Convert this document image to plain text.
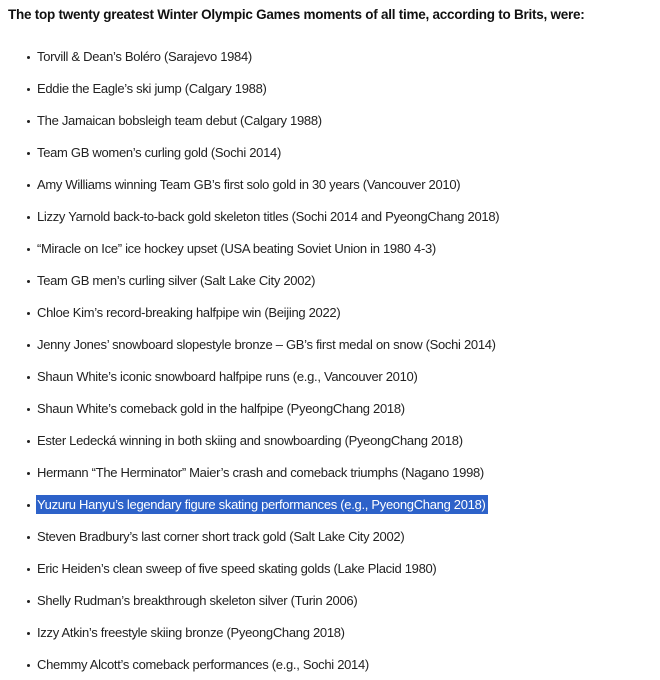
The top twenty greatest Winter Olympic Games moments of all time, according to Brits, were:
Torvill & Dean’s Boléro (Sarajevo 1984)
Eddie the Eagle’s ski jump (Calgary 1988)
The Jamaican bobsleigh team debut (Calgary 1988)
Team GB women’s curling gold (Sochi 2014)
Amy Williams winning Team GB’s first solo gold in 30 years (Vancouver 2010)
Lizzy Yarnold back-to-back gold skeleton titles (Sochi 2014 and PyeongChang 2018)
“Miracle on Ice” ice hockey upset (USA beating Soviet Union in 1980 4-3)
Team GB men’s curling silver (Salt Lake City 2002)
Chloe Kim’s record-breaking halfpipe win (Beijing 2022)
Jenny Jones’ snowboard slopestyle bronze – GB’s first medal on snow (Sochi 2014)
Shaun White’s iconic snowboard halfpipe runs (e.g., Vancouver 2010)
Shaun White’s comeback gold in the halfpipe (PyeongChang 2018)
Ester Ledecká winning in both skiing and snowboarding (PyeongChang 2018)
Hermann “The Herminator” Maier’s crash and comeback triumphs (Nagano 1998)
Yuzuru Hanyu’s legendary figure skating performances (e.g., PyeongChang 2018)
Steven Bradbury’s last corner short track gold (Salt Lake City 2002)
Eric Heiden’s clean sweep of five speed skating golds (Lake Placid 1980)
Shelly Rudman’s breakthrough skeleton silver (Turin 2006)
Izzy Atkin’s freestyle skiing bronze (PyeongChang 2018)
Chemmy Alcott’s comeback performances (e.g., Sochi 2014)
